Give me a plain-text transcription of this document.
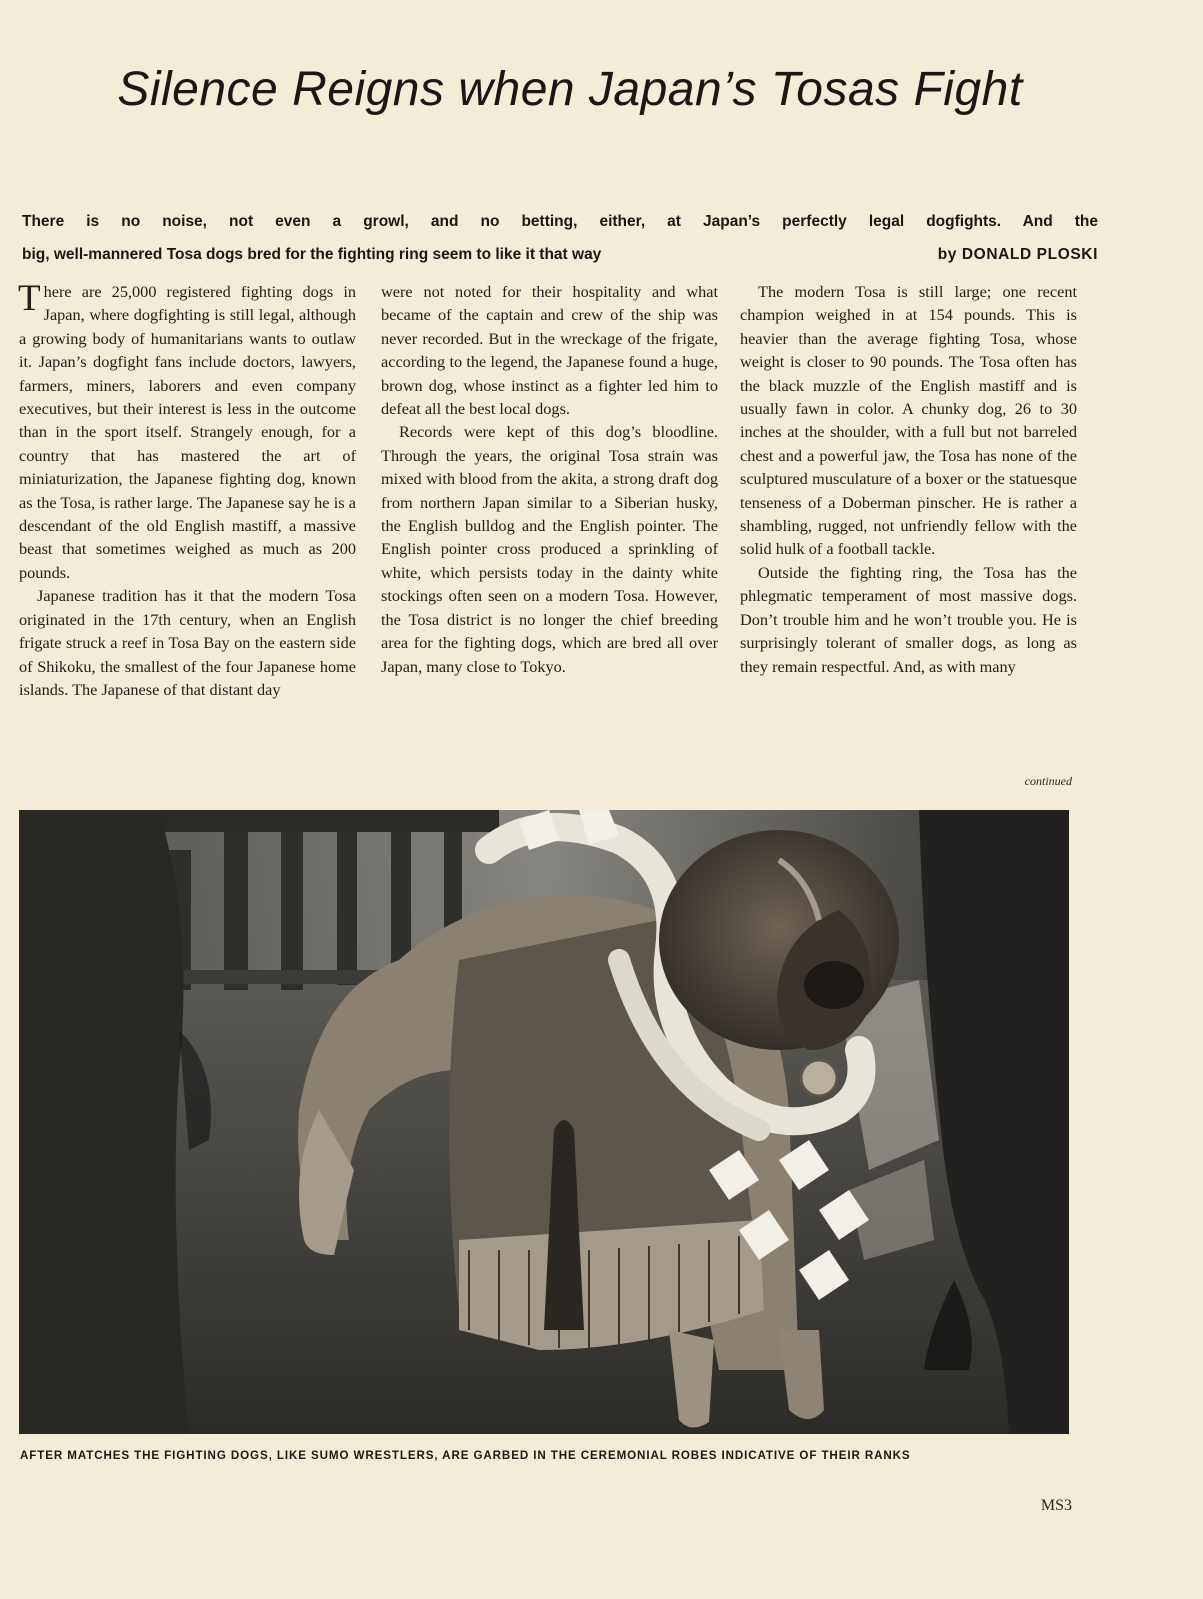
Silence Reigns when Japan’s Tosas Fight
There is no noise, not even a growl, and no betting, either, at Japan’s perfectly legal dogfights. And the
big, well-mannered Tosa dogs bred for the fighting ring seem to like it that way	by DONALD PLOSKI

There are 25,000 registered fighting dogs in Japan, where dogfighting is still legal, although a growing body of humanitarians wants to outlaw it. Japan’s dogfight fans include doctors, lawyers, farmers, miners, laborers and even company executives, but their interest is less in the outcome than in the sport itself. Strangely enough, for a country that has mastered the art of miniaturization, the Japanese fighting dog, known as the Tosa, is rather large. The Japanese say he is a descendant of the old English mastiff, a massive beast that sometimes weighed as much as 200 pounds.

Japanese tradition has it that the modern Tosa originated in the 17th century, when an English frigate struck a reef in Tosa Bay on the eastern side of Shikoku, the smallest of the four Japanese home islands. The Japanese of that distant day

were not noted for their hospitality and what became of the captain and crew of the ship was never recorded. But in the wreckage of the frigate, according to the legend, the Japanese found a huge, brown dog, whose instinct as a fighter led him to defeat all the best local dogs.

Records were kept of this dog’s bloodline. Through the years, the original Tosa strain was mixed with blood from the akita, a strong draft dog from northern Japan similar to a Siberian husky, the English bulldog and the English pointer. The English pointer cross produced a sprinkling of white, which persists today in the dainty white stockings often seen on a modern Tosa. However, the Tosa district is no longer the chief breeding area for the fighting dogs, which are bred all over Japan, many close to Tokyo.

The modern Tosa is still large; one recent champion weighed in at 154 pounds. This is heavier than the average fighting Tosa, whose weight is closer to 90 pounds. The Tosa often has the black muzzle of the English mastiff and is usually fawn in color. A chunky dog, 26 to 30 inches at the shoulder, with a full but not barreled chest and a powerful jaw, the Tosa has none of the sculptured musculature of a boxer or the statuesque tenseness of a Doberman pinscher. He is rather a shambling, rugged, not unfriendly fellow with the solid hulk of a football tackle.

Outside the fighting ring, the Tosa has the phlegmatic temperament of most massive dogs. Don’t trouble him and he won’t trouble you. He is surprisingly tolerant of smaller dogs, as long as they remain respectful. And, as with many

continued
AFTER MATCHES THE FIGHTING DOGS, LIKE SUMO WRESTLERS, ARE GARBED IN THE CEREMONIAL ROBES INDICATIVE OF THEIR RANKS
MS3
